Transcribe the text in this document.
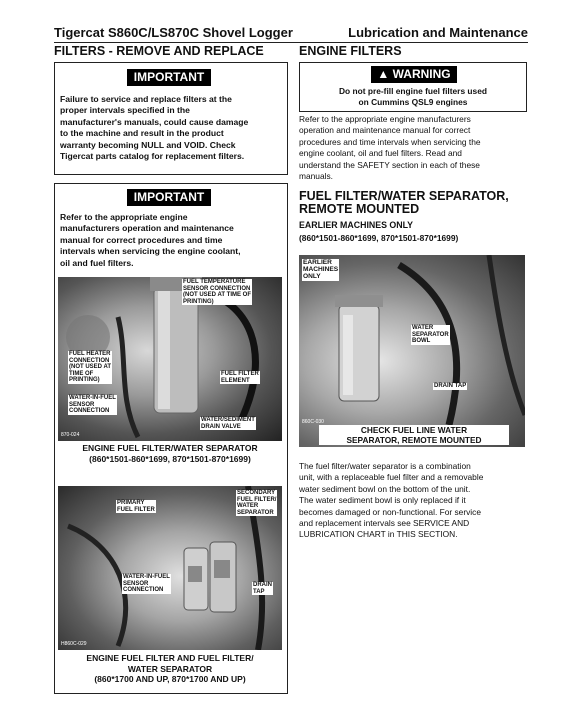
Tigercat S860C/LS870C Shovel Logger	Lubrication and Maintenance
FILTERS - REMOVE AND REPLACE
IMPORTANT
Failure to service and replace filters at the
proper intervals specified in the
manufacturer's manuals, could cause damage
to the machine and result in the product
warranty becoming NULL and VOID. Check
Tigercat parts catalog for replacement filters.
IMPORTANT
Refer to the appropriate engine
manufacturers operation and maintenance
manual for correct procedures and time
intervals when servicing the engine coolant,
oil and fuel filters.
FUEL TEMPERATURE
SENSOR CONNECTION
(NOT USED AT TIME OF
PRINTING)
FUEL HEATER
CONNECTION
(NOT USED AT
TIME OF
PRINTING)
FUEL FILTER
ELEMENT
WATER-IN-FUEL
SENSOR
CONNECTION
WATER/SEDIMENT
DRAIN VALVE
870-024
ENGINE FUEL FILTER/WATER SEPARATOR
(860*1501-860*1699, 870*1501-870*1699)
PRIMARY
FUEL FILTER
SECONDARY
FUEL FILTER/
WATER
SEPARATOR
WATER-IN-FUEL
SENSOR
CONNECTION
DRAIN
TAP
H860C-029
ENGINE FUEL FILTER AND FUEL FILTER/
WATER SEPARATOR
(860*1700 AND UP, 870*1700 AND UP)
ENGINE FILTERS
▲ WARNING
Do not pre-fill engine fuel filters used
on Cummins QSL9 engines
Refer to the appropriate engine manufacturers
operation and maintenance manual for correct
procedures and time intervals when servicing the
engine coolant, oil and fuel filters. Read and
understand the SAFETY section in each of these
manuals.
FUEL FILTER/WATER SEPARATOR,
REMOTE MOUNTED
EARLIER MACHINES ONLY
(860*1501-860*1699, 870*1501-870*1699)
EARLIER
MACHINES
ONLY
WATER
SEPARATOR
BOWL
DRAIN TAP
860C-030
CHECK FUEL LINE WATER
SEPARATOR, REMOTE MOUNTED
The fuel filter/water separator is a combination
unit, with a replaceable fuel filter and a removable
water sediment bowl on the bottom of the unit.
The water sediment bowl is only replaced if it
becomes damaged or non-functional. For service
and replacement intervals see SERVICE AND
LUBRICATION CHART in THIS SECTION.
